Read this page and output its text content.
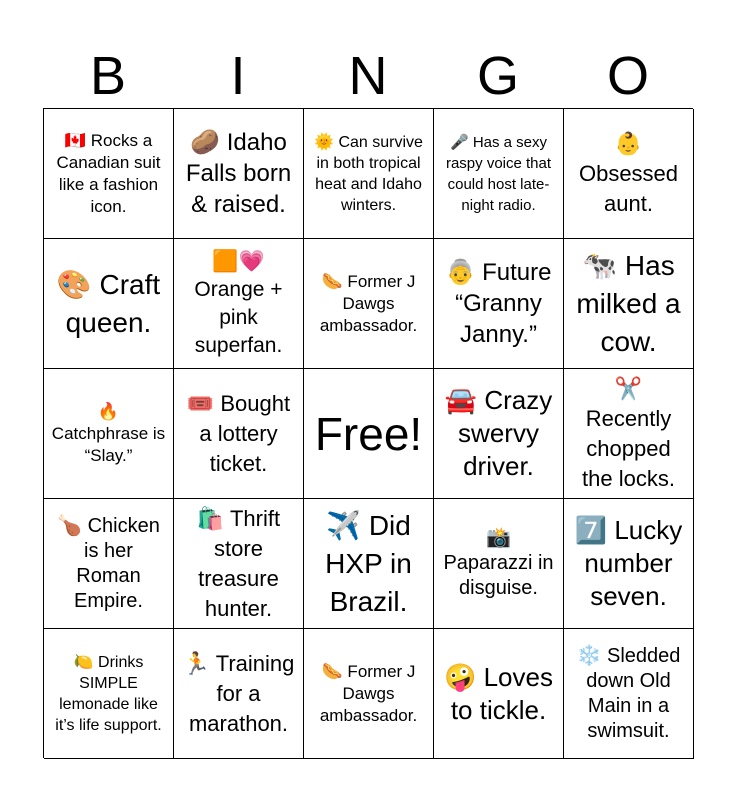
B	I	N	G	O
🇨🇦 Rocks a Canadian suit like a fashion icon.
🥔 Idaho Falls born & raised.
🌞 Can survive in both tropical heat and Idaho winters.
🎤 Has a sexy raspy voice that could host late-night radio.
👶 Obsessed aunt.
🎨 Craft queen.
🟧💗 Orange + pink superfan.
🌭 Former J Dawgs ambassador.
👵 Future “Granny Janny.”
🐄 Has milked a cow.
🔥 Catchphrase is “Slay.”
🎟️ Bought a lottery ticket.
Free!
🚘 Crazy swervy driver.
✂️ Recently chopped the locks.
🍗 Chicken is her Roman Empire.
🛍️ Thrift store treasure hunter.
✈️ Did HXP in Brazil.
📸 Paparazzi in disguise.
7️⃣ Lucky number seven.
🍋 Drinks SIMPLE lemonade like it’s life support.
🏃 Training for a marathon.
🌭 Former J Dawgs ambassador.
🤪 Loves to tickle.
❄️ Sledded down Old Main in a swimsuit.
